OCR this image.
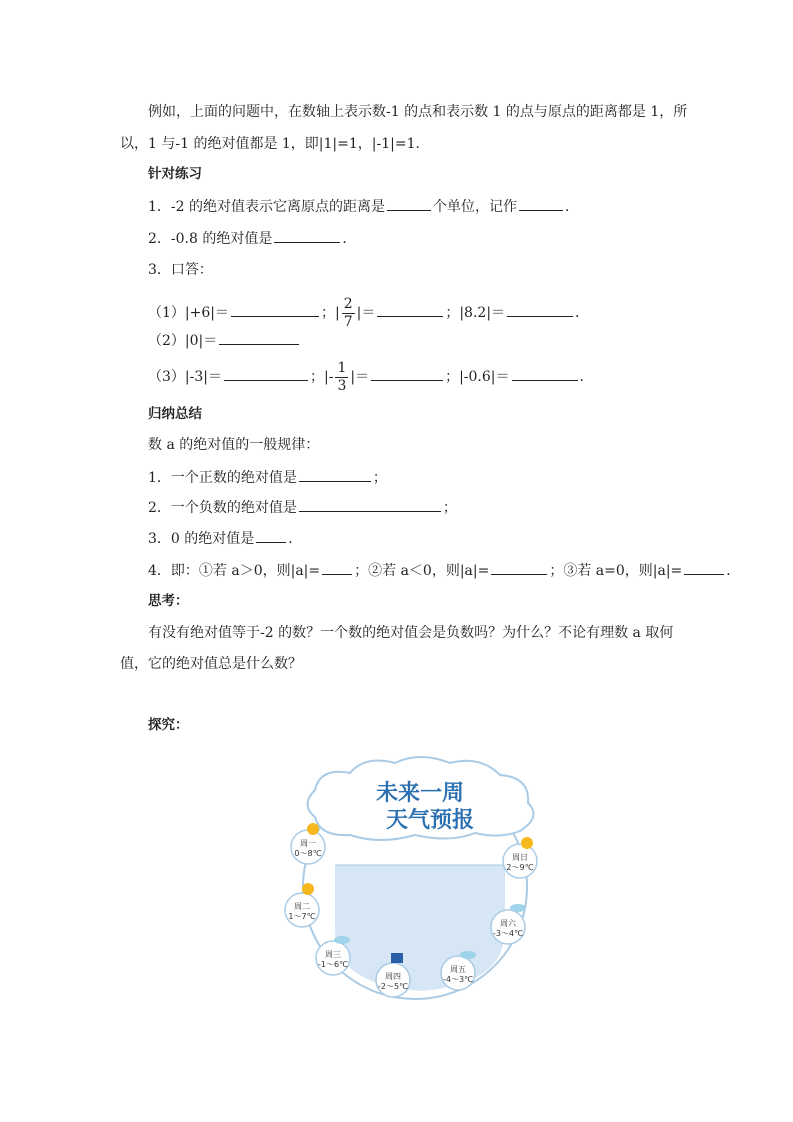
例如，上面的问题中，在数轴上表示数-1 的点和表示数 1 的点与原点的距离都是 1，所
以，1 与-1 的绝对值都是 1，即|1|=1，|-1|=1．
针对练习
1．-2 的绝对值表示它离原点的距离是	个单位，记作	．
2．-0.8 的绝对值是	．
3．口答：
（1）|+6|＝	；| $\frac{2}{7}$ |＝	；|8.2|＝	．
（2）|0|＝
（3）|-3|＝	；|- $\frac{1}{3}$ |＝	；|-0.6|＝	．
归纳总结
数 a 的绝对值的一般规律：
1．一个正数的绝对值是	；
2．一个负数的绝对值是	；
3．0 的绝对值是 ．
4．即：①若 a＞0，则|a|= ；②若 a＜0，则|a|=	；③若 a=0，则|a|=	．
思考：
有没有绝对值等于-2 的数？一个数的绝对值会是负数吗？为什么？不论有理数 a 取何
值，它的绝对值总是什么数？
探究：
未来一周
天气预报
周一
0～8℃
周二
1～7℃
周三
-1～6℃
周四
-2～5℃
周五
-4～3℃
周六
-3～4℃
周日
2～9℃
